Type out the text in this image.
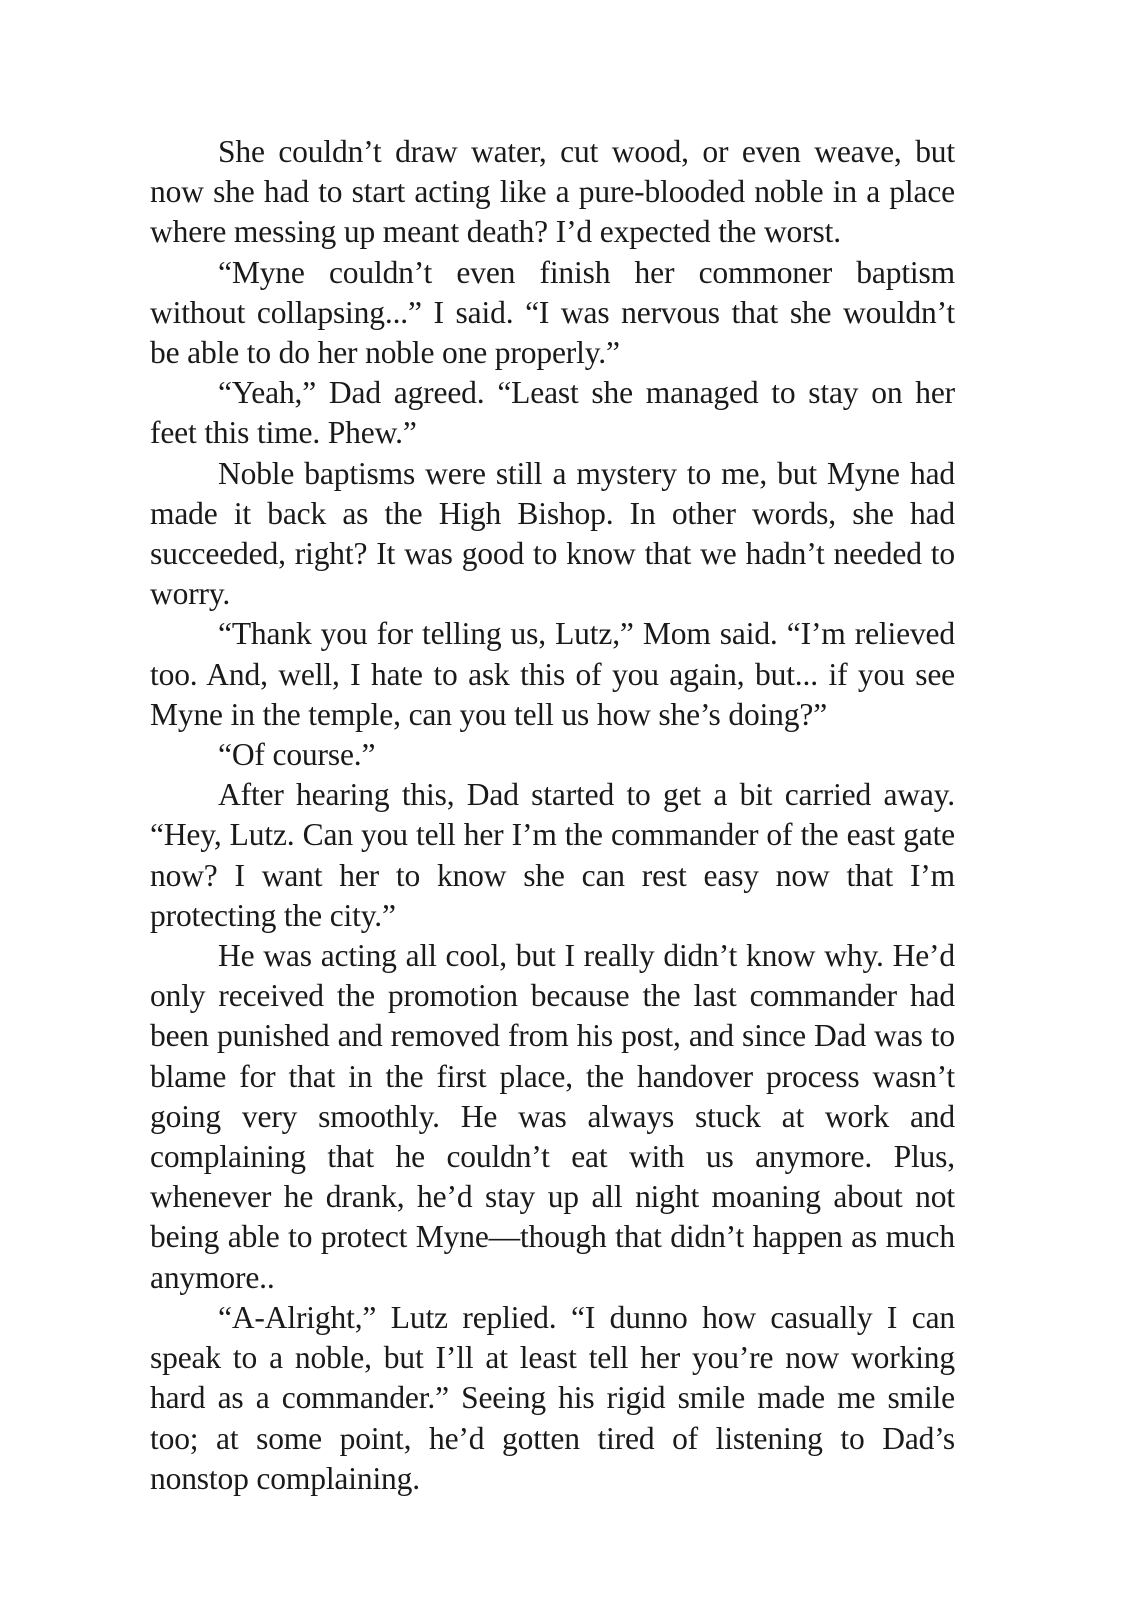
She couldn’t draw water, cut wood, or even weave, but now she had to start acting like a pure-blooded noble in a place where messing up meant death? I’d expected the worst.

“Myne couldn’t even finish her commoner baptism without collapsing...” I said. “I was nervous that she wouldn’t be able to do her noble one properly.”

“Yeah,” Dad agreed. “Least she managed to stay on her feet this time. Phew.”

Noble baptisms were still a mystery to me, but Myne had made it back as the High Bishop. In other words, she had succeeded, right? It was good to know that we hadn’t needed to worry.

“Thank you for telling us, Lutz,” Mom said. “I’m relieved too. And, well, I hate to ask this of you again, but... if you see Myne in the temple, can you tell us how she’s doing?”

“Of course.”

After hearing this, Dad started to get a bit carried away. “Hey, Lutz. Can you tell her I’m the commander of the east gate now? I want her to know she can rest easy now that I’m protecting the city.”

He was acting all cool, but I really didn’t know why. He’d only received the promotion because the last commander had been punished and removed from his post, and since Dad was to blame for that in the first place, the handover process wasn’t going very smoothly. He was always stuck at work and complaining that he couldn’t eat with us anymore. Plus, whenever he drank, he’d stay up all night moaning about not being able to protect Myne—though that didn’t happen as much anymore..

“A-Alright,” Lutz replied. “I dunno how casually I can speak to a noble, but I’ll at least tell her you’re now working hard as a commander.” Seeing his rigid smile made me smile too; at some point, he’d gotten tired of listening to Dad’s nonstop complaining.
